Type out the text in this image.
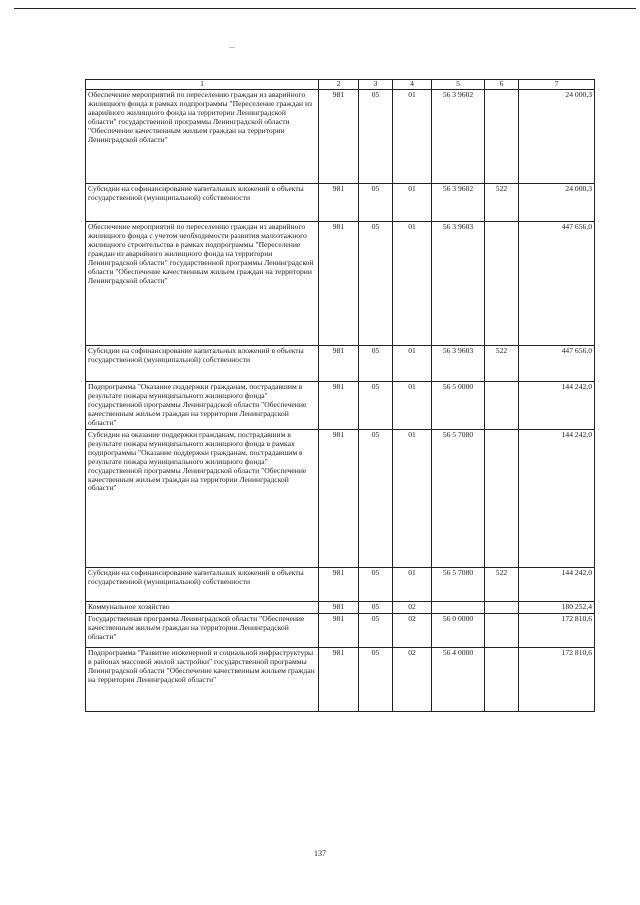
...
1	2	3	4	5	6	7
Обеспечение мероприятий по переселению граждан из аварийного жилищного фонда в рамках подпрограммы "Переселение граждан из аварийного жилищного фонда на территории Ленинградской области" государственной программы Ленинградской области "Обеспечение качественным жильем граждан на территории Ленинградской области"	981	05	01	56 3 9602		24 000,3
Субсидии на софинансирование капитальных вложений в объекты государственной (муниципальной) собственности	981	05	01	56 3 9602	522	24 000,3
Обеспечение мероприятий по переселению граждан из аварийного жилищного фонда с учетом необходимости развития малоэтажного жилищного строительства в рамках подпрограммы "Переселение граждан из аварийного жилищного фонда на территории Ленинградской области" государственной программы Ленинградской области "Обеспечение качественным жильем граждан на территории Ленинградской области"	981	05	01	56 3 9603		447 656,0
Субсидии на софинансирование капитальных вложений в объекты государственной (муниципальной) собственности	981	05	01	56 3 9603	522	447 656,0
Подпрограмма "Оказание поддержки гражданам, пострадавшим в результате пожара муниципального жилищного фонда" государственной программы Ленинградской области "Обеспечение качественным жильем граждан на территории Ленинградской области"	981	05	01	56 5 0000		144 242,0
Субсидии на оказание поддержки гражданам, пострадавшим в результате пожара муниципального жилищного фонда в рамках подпрограммы "Оказание поддержки гражданам, пострадавшим в результате пожара муниципального жилищного фонда" государственной программы Ленинградской области "Обеспечение качественным жильем граждан на территории Ленинградской области"	981	05	01	56 5 7080		144 242,0
Субсидии на софинансирование капитальных вложений в объекты государственной (муниципальной) собственности	981	05	01	56 5 7080	522	144 242,0
Коммунальное хозяйство	981	05	02			180 252,4
Государственная программа Ленинградской области "Обеспечение качественным жильем граждан на территории Ленинградской области"	981	05	02	56 0 0000		172 810,6
Подпрограмма "Развитие инженерной и социальной инфраструктуры в районах массовой жилой застройки" государственной программы Ленинградской области "Обеспечение качественным жильем граждан на территории Ленинградской области"	981	05	02	56 4 0000		172 810,6
137
